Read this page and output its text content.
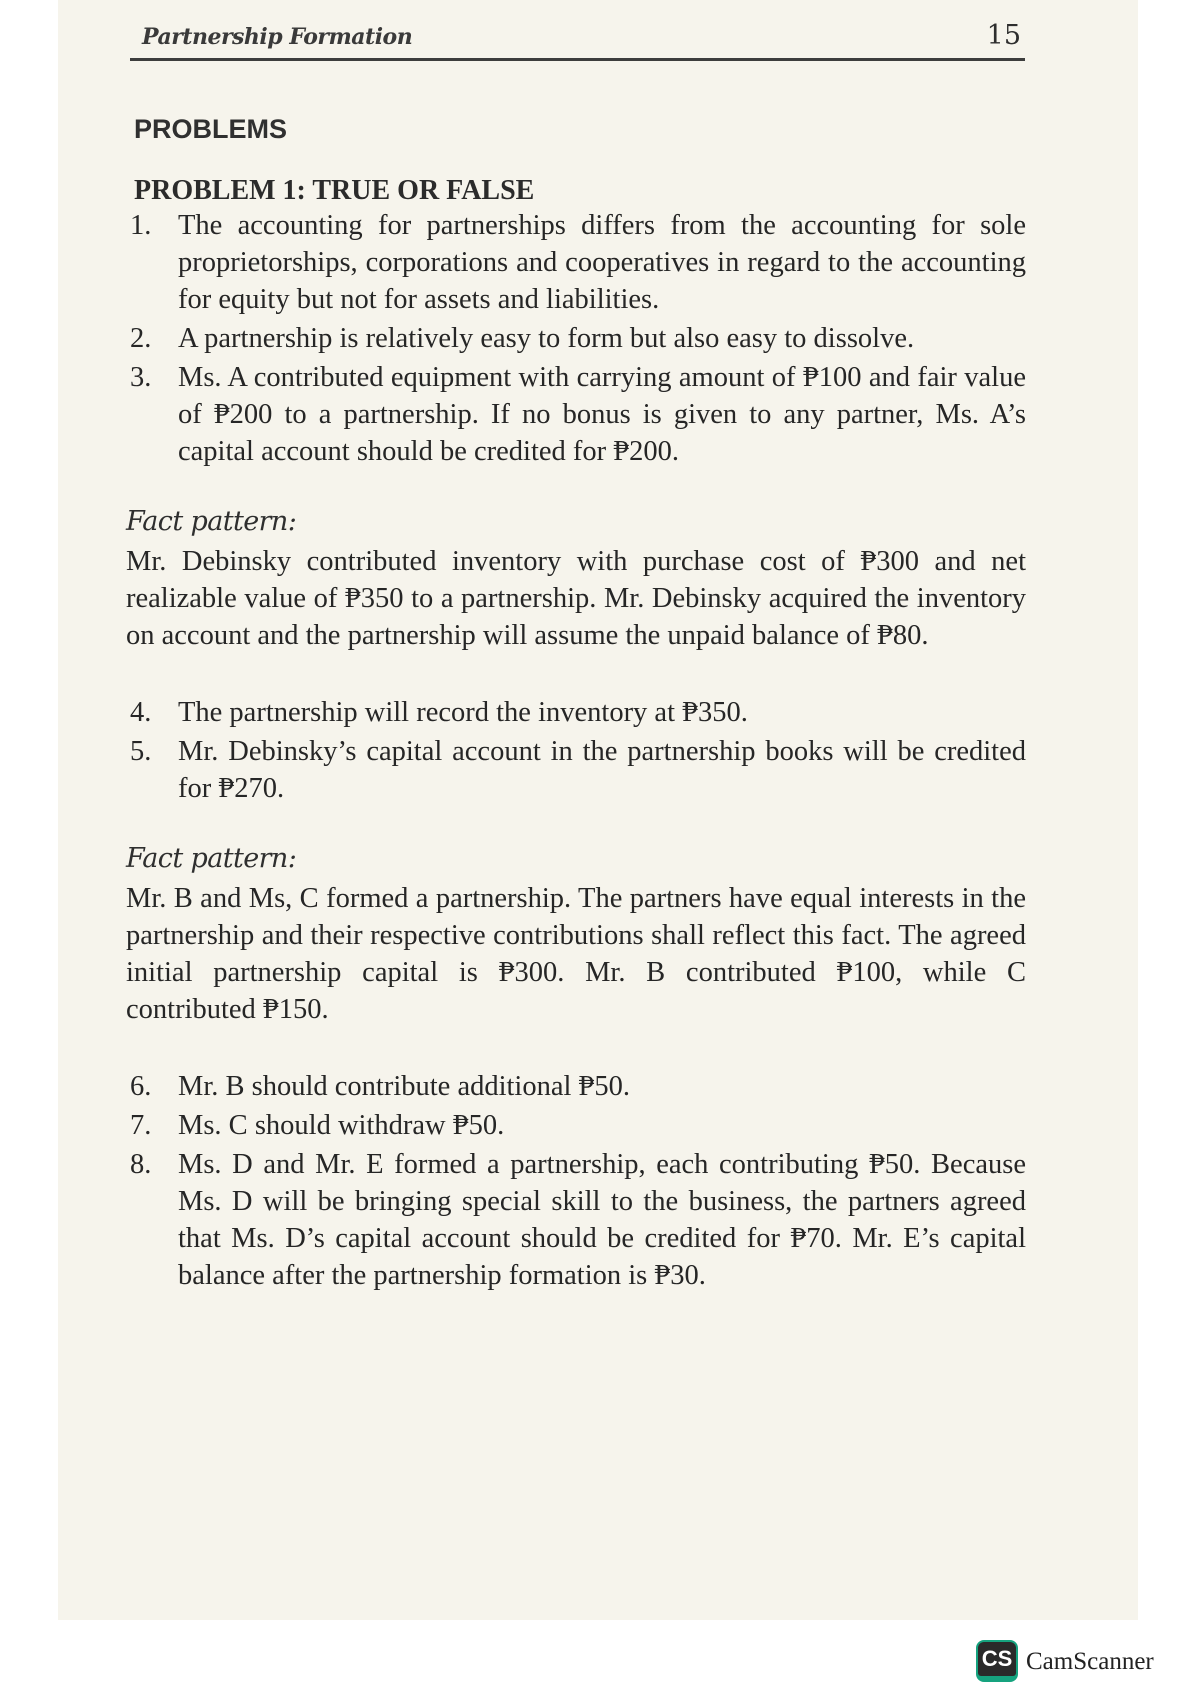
Partnership Formation	15
PROBLEMS
PROBLEM 1: TRUE OR FALSE
1. The accounting for partnerships differs from the accounting for sole proprietorships, corporations and cooperatives in regard to the accounting for equity but not for assets and liabilities.
2. A partnership is relatively easy to form but also easy to dissolve.
3. Ms. A contributed equipment with carrying amount of ₱100 and fair value of ₱200 to a partnership. If no bonus is given to any partner, Ms. A’s capital account should be credited for ₱200.
Fact pattern:

Mr. Debinsky contributed inventory with purchase cost of ₱300 and net realizable value of ₱350 to a partnership. Mr. Debinsky acquired the inventory on account and the partnership will assume the unpaid balance of ₱80.

4. The partnership will record the inventory at ₱350.
5. Mr. Debinsky’s capital account in the partnership books will be credited for ₱270.
Fact pattern:

Mr. B and Ms, C formed a partnership. The partners have equal interests in the partnership and their respective contributions shall reflect this fact. The agreed initial partnership capital is ₱300. Mr. B contributed ₱100, while C contributed ₱150.

6. Mr. B should contribute additional ₱50.
7. Ms. C should withdraw ₱50.
8. Ms. D and Mr. E formed a partnership, each contributing ₱50. Because Ms. D will be bringing special skill to the business, the partners agreed that Ms. D’s capital account should be credited for ₱70. Mr. E’s capital balance after the partnership formation is ₱30.
CS CamScanner
